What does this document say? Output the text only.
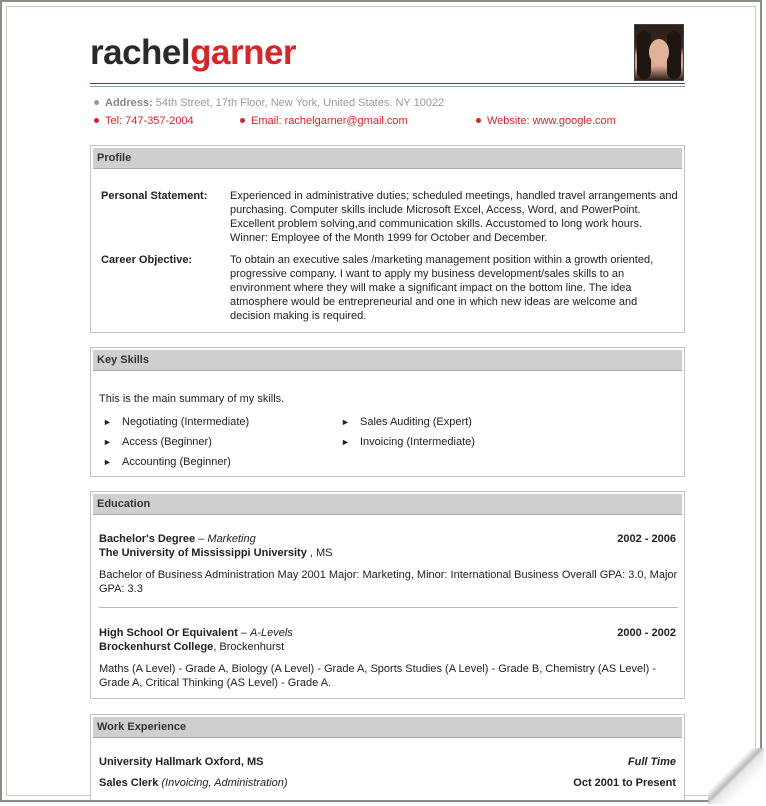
rachelgarner
Address: 54th Street, 17th Floor, New York, United States. NY 10022
Tel: 747-357-2004	Email: rachelgarner@gmail.com	Website: www.google.com
Profile
Personal Statement: Experienced in administrative duties; scheduled meetings, handled travel arrangements and
purchasing. Computer skills include Microsoft Excel, Access, Word, and PowerPoint.
Excellent problem solving,and communication skills. Accustomed to long work hours.
Winner: Employee of the Month 1999 for October and December.
Career Objective:	To obtain an executive sales /marketing management position within a growth oriented,
progressive company. I want to apply my business development/sales skills to an
environment where they will make a significant impact on the bottom line. The idea
atmosphere would be entrepreneurial and one in which new ideas are welcome and
decision making is required.
Key Skills
This is the main summary of my skills.
► Negotiating (Intermediate)
► Access (Beginner)
► Accounting (Beginner)
► Sales Auditing (Expert)
► Invoicing (Intermediate)
Education
Bachelor's Degree – Marketing	2002 - 2006
The University of Mississippi University , MS
Bachelor of Business Administration May 2001 Major: Marketing, Minor: International Business Overall GPA: 3.0, Major
GPA: 3.3
High School Or Equivalent – A-Levels	2000 - 2002
Brockenhurst College, Brockenhurst
Maths (A Level) - Grade A, Biology (A Level) - Grade A, Sports Studies (A Level) - Grade B, Chemistry (AS Level) -
Grade A, Critical Thinking (AS Level) - Grade A.
Work Experience
University Hallmark Oxford, MS	Full Time
Sales Clerk (Invoicing, Administration)	Oct 2001 to Present
